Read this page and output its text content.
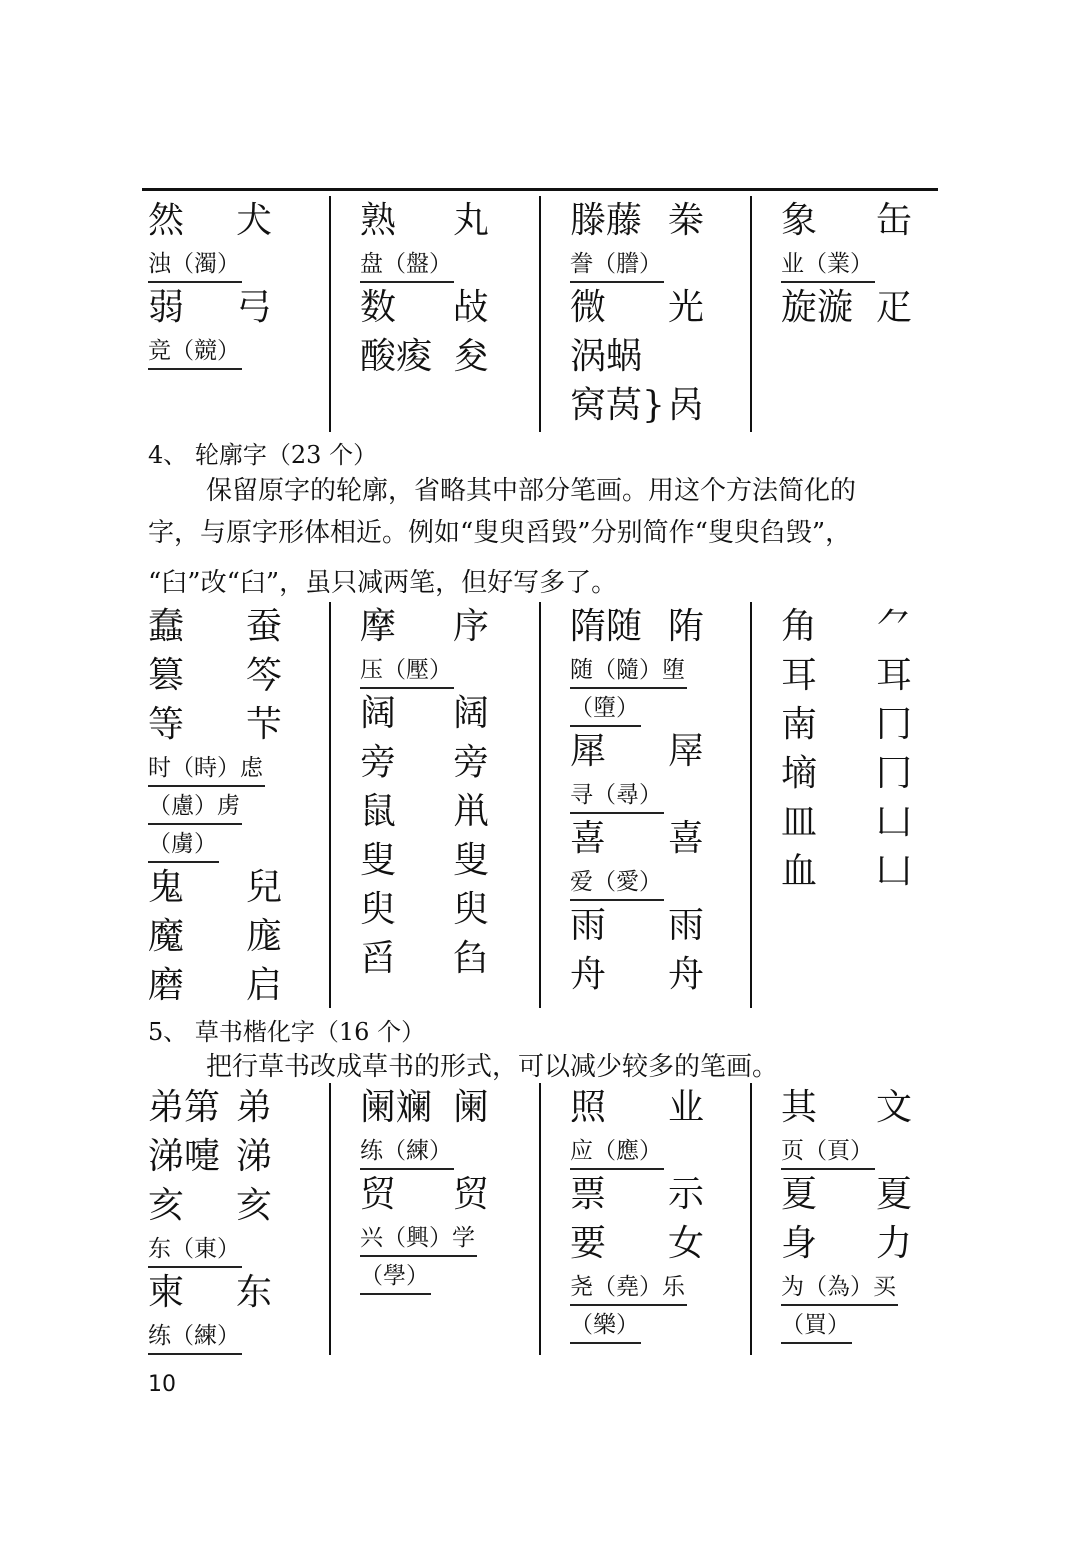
然 犬
浊（濁）
弱 弓
竞（競）
熟 丸
盘（盤）
数 敁
酸痠 夋
滕藤 桊
誊（謄）
微 光
涡蜗
窝莴} 呙
象 缶
业（業）
旋漩 疋
4、 轮廓字（23 个）
保留原字的轮廓，省略其中部分笔画。用这个方法简化的
字，与原字形体相近。例如“叟臾舀毁”分别简作“叟臾臽毁”，
“臼”改“臼”，虽只减两笔，但好写多了。
蠢 蚕
篡 笒
等 芐
时（時）虑
（慮）虏
（虜）
鬼 兒
魔 庬
磨 启
摩 序
压（壓）
阔 阔
旁 旁
鼠 鼡
叟 叟
臾 臾
舀 臽
隋随 陏
随（隨）堕
（墮）
犀 屖
寻（尋）
喜 喜
爱（愛）
雨 雨
舟 舟
角 ⺈
耳 耳
南 冂
墒 冂
皿 凵
血 凵
5、 草书楷化字（16 个）
把行草书改成草书的形式，可以减少较多的笔画。
弟第 弟
涕嚏 涕
亥 亥
东（東）
柬 东
练（練）
阑斓 阑
练（練）
贸 贸
兴（興）学
（學）
照 业
应（應）
票 示
要 女
尧（堯）乐
（樂）
其 文
页（頁）
夏 夏
身 力
为（為）买
（買）
10
